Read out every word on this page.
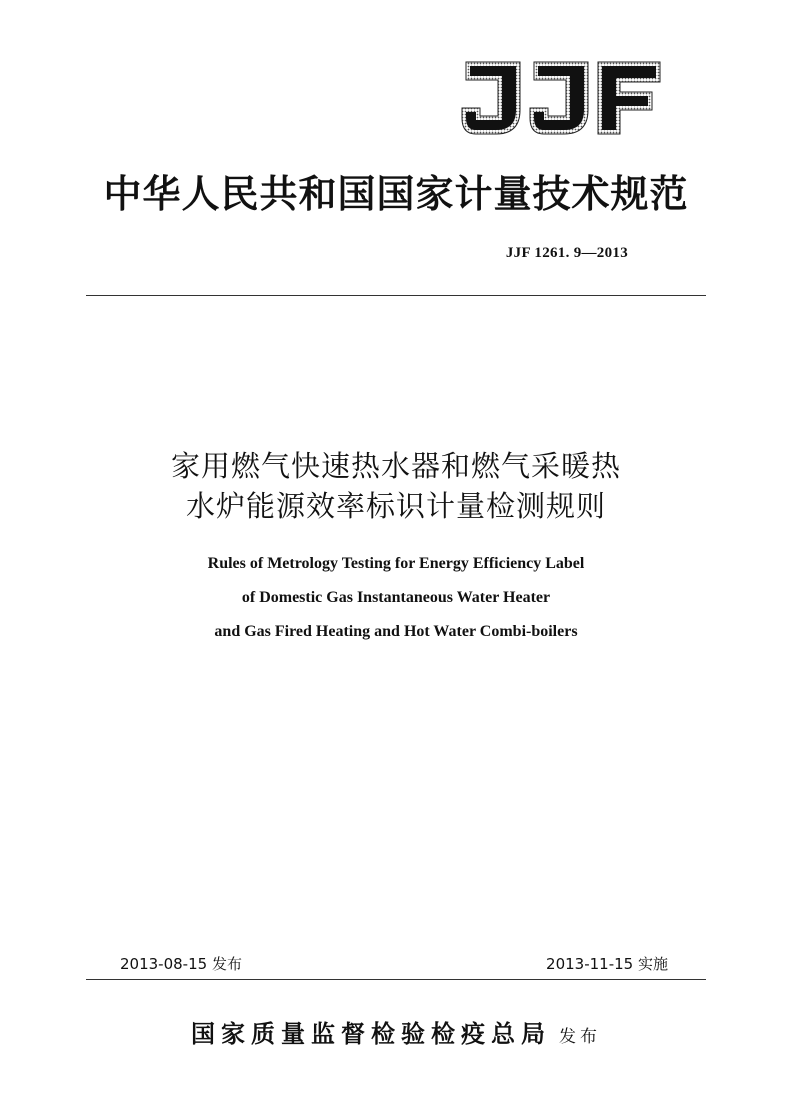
中华人民共和国国家计量技术规范
JJF 1261. 9—2013
家用燃气快速热水器和燃气采暖热
水炉能源效率标识计量检测规则
Rules of Metrology Testing for Energy Efficiency Label
of Domestic Gas Instantaneous Water Heater
and Gas Fired Heating and Hot Water Combi-boilers
2013-08-15 发布	2013-11-15 实施
国家质量监督检验检疫总局 发布
